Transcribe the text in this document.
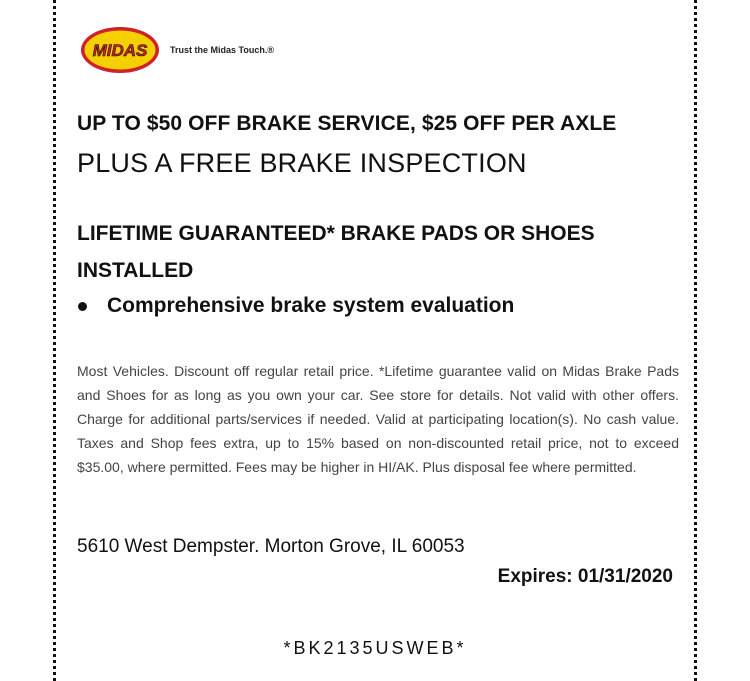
MIDAS	Trust the Midas Touch.®
UP TO $50 OFF BRAKE SERVICE, $25 OFF PER AXLE
PLUS A FREE BRAKE INSPECTION
LIFETIME GUARANTEED* BRAKE PADS OR SHOES INSTALLED
Comprehensive brake system evaluation
Most Vehicles. Discount off regular retail price. *Lifetime guarantee valid on Midas Brake Pads and Shoes for as long as you own your car. See store for details. Not valid with other offers. Charge for additional parts/services if needed. Valid at participating location(s). No cash value. Taxes and Shop fees extra, up to 15% based on non-discounted retail price, not to exceed $35.00, where permitted. Fees may be higher in HI/AK. Plus disposal fee where permitted.
5610 West Dempster. Morton Grove, IL 60053
Expires: 01/31/2020
*BK2135USWEB*
